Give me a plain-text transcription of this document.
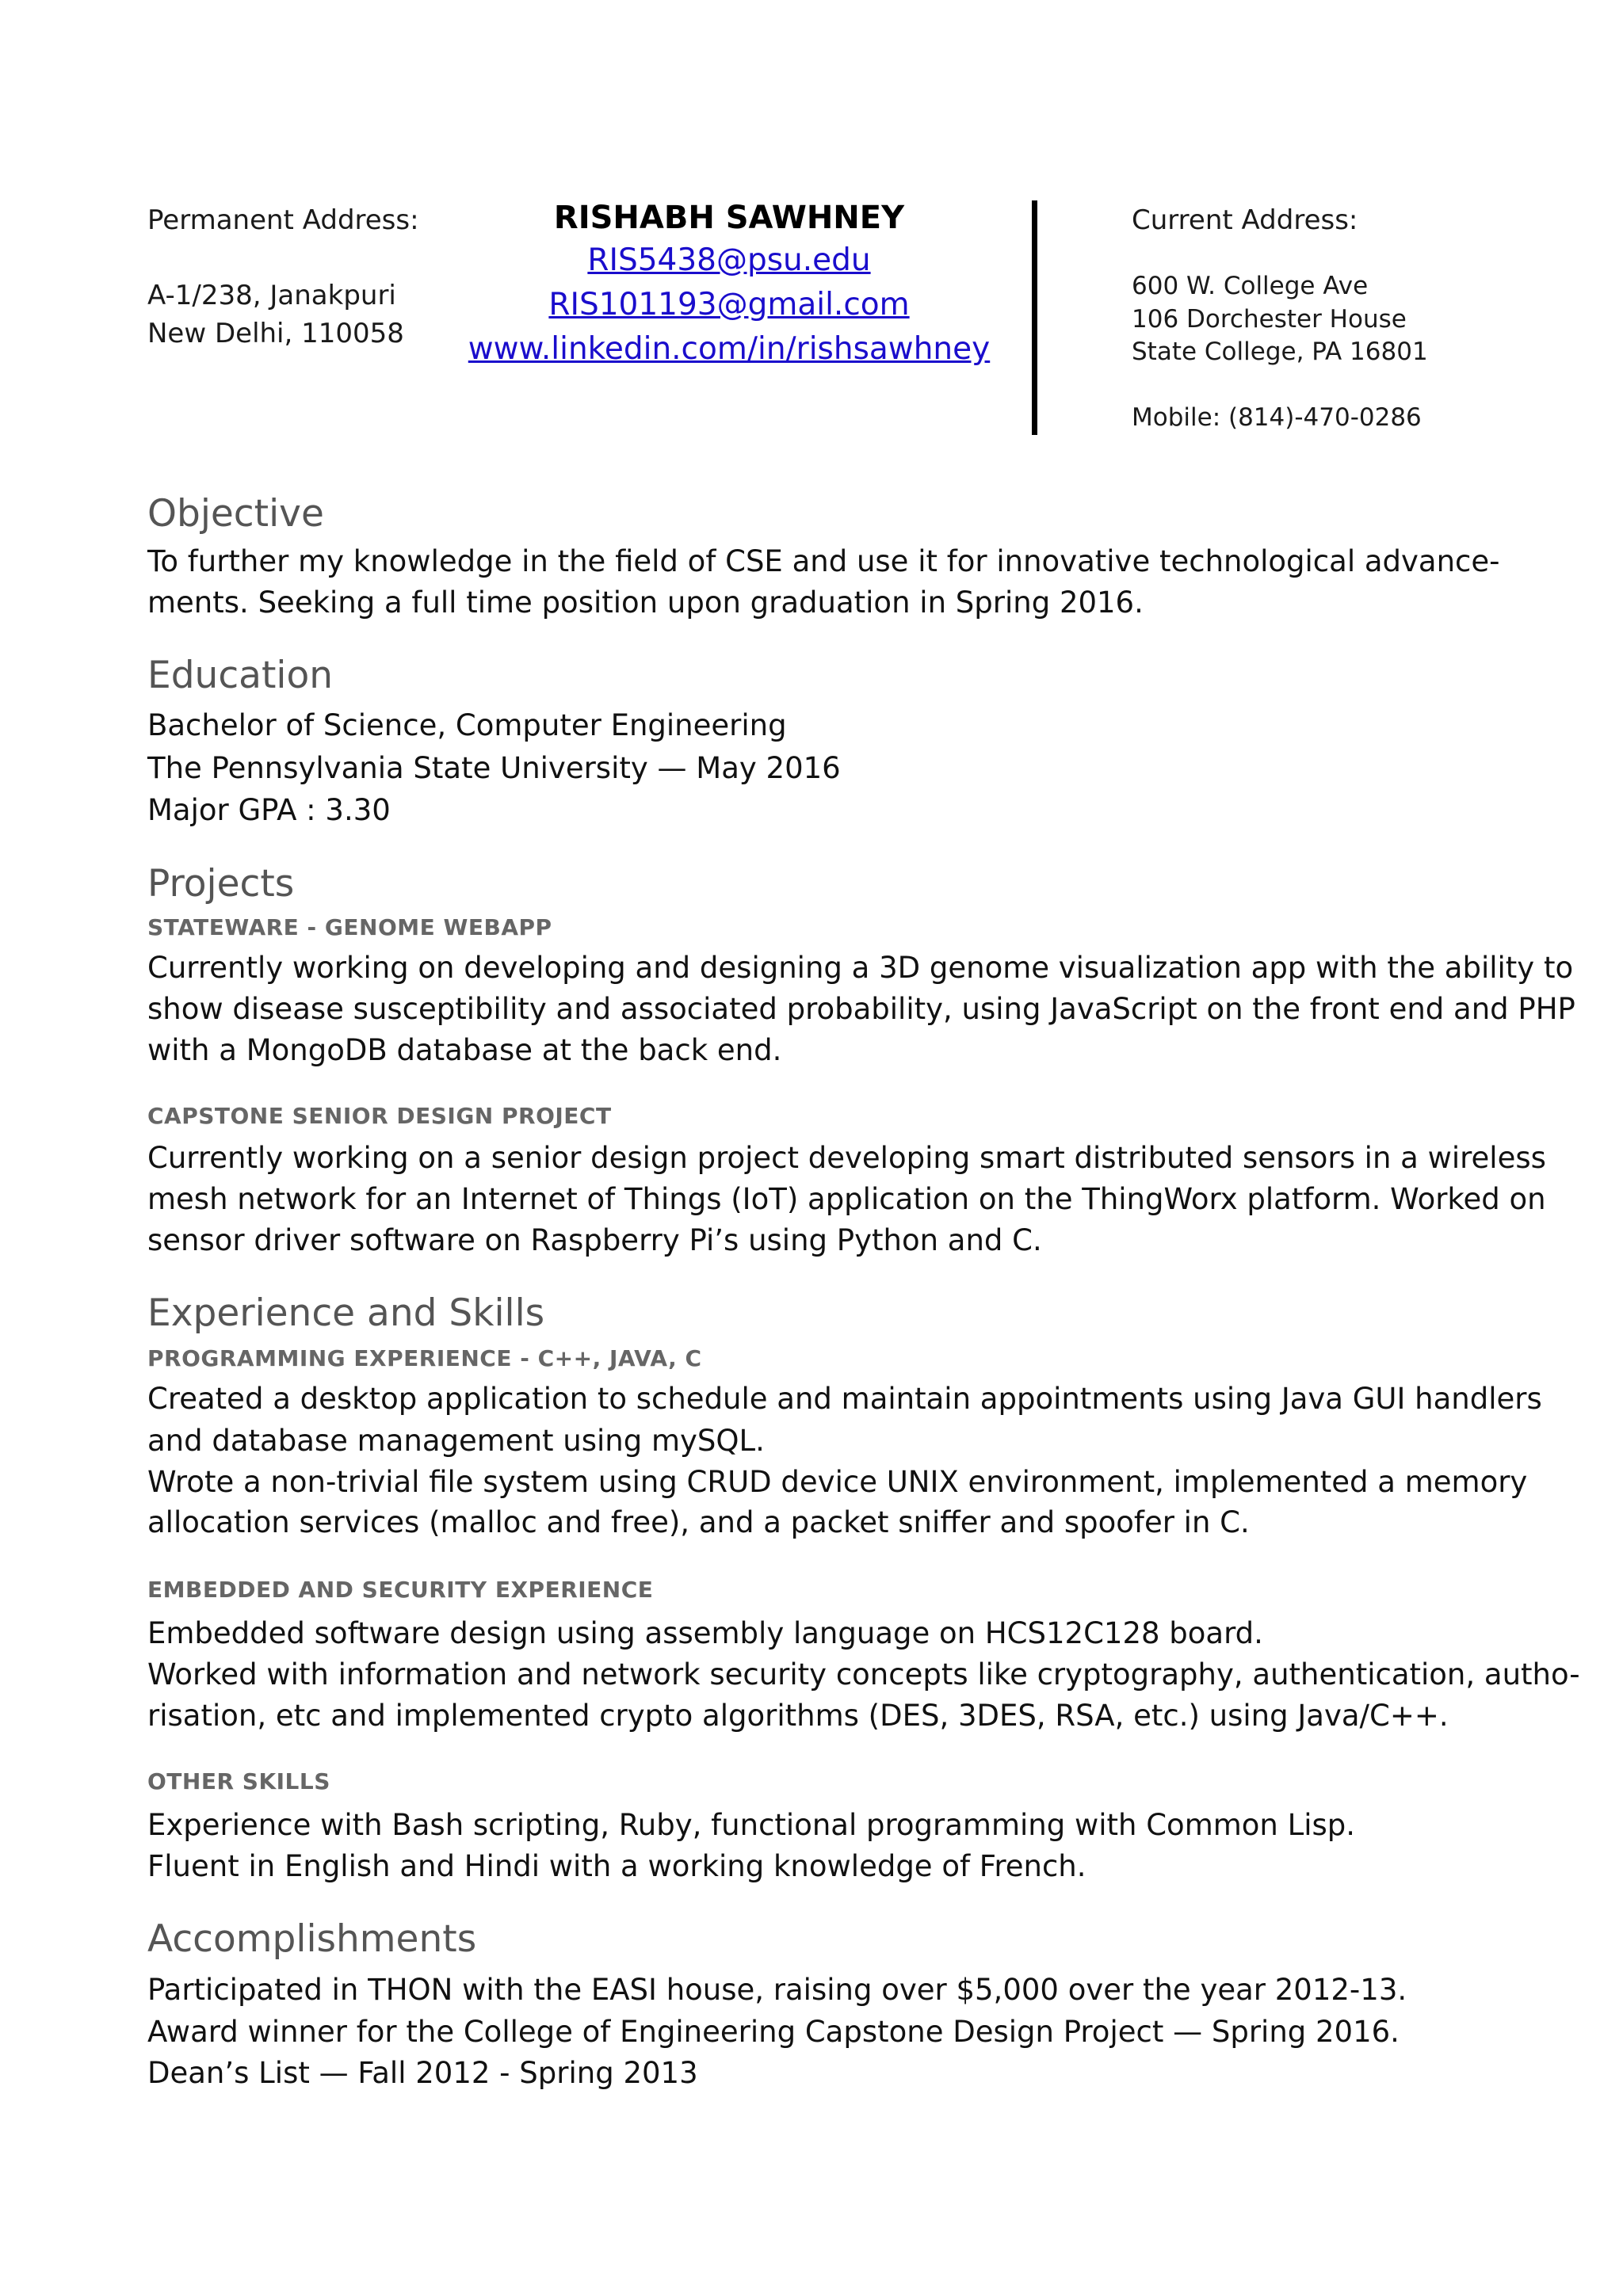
Permanent Address:
A-1/238, Janakpuri
New Delhi, 110058
RISHABH SAWHNEY
RIS5438@psu.edu
RIS101193@gmail.com
www.linkedin.com/in/rishsawhney
Current Address:
600 W. College Ave
106 Dorchester House
State College, PA 16801
Mobile: (814)-470-0286
Objective
To further my knowledge in the field of CSE and use it for innovative technological advance-
ments. Seeking a full time position upon graduation in Spring 2016.
Education
Bachelor of Science, Computer Engineering
The Pennsylvania State University — May 2016
Major GPA : 3.30
Projects
STATEWARE - GENOME WEBAPP
Currently working on developing and designing a 3D genome visualization app with the ability to
show disease susceptibility and associated probability, using JavaScript on the front end and PHP
with a MongoDB database at the back end.
CAPSTONE SENIOR DESIGN PROJECT
Currently working on a senior design project developing smart distributed sensors in a wireless
mesh network for an Internet of Things (IoT) application on the ThingWorx platform. Worked on
sensor driver software on Raspberry Pi’s using Python and C.
Experience and Skills
PROGRAMMING EXPERIENCE - C++, JAVA, C
Created a desktop application to schedule and maintain appointments using Java GUI handlers
and database management using mySQL.
Wrote a non-trivial file system using CRUD device UNIX environment, implemented a memory
allocation services (malloc and free), and a packet sniffer and spoofer in C.
EMBEDDED AND SECURITY EXPERIENCE
Embedded software design using assembly language on HCS12C128 board.
Worked with information and network security concepts like cryptography, authentication, autho-
risation, etc and implemented crypto algorithms (DES, 3DES, RSA, etc.) using Java/C++.
OTHER SKILLS
Experience with Bash scripting, Ruby, functional programming with Common Lisp.
Fluent in English and Hindi with a working knowledge of French.
Accomplishments
Participated in THON with the EASI house, raising over $5,000 over the year 2012-13.
Award winner for the College of Engineering Capstone Design Project — Spring 2016.
Dean’s List — Fall 2012 - Spring 2013
